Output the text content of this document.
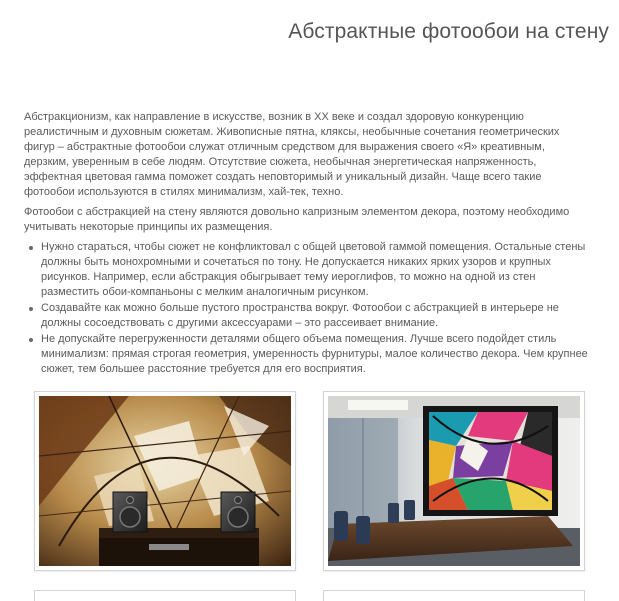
Абстрактные фотообои на стену

Абстракционизм, как направление в искусстве, возник в XX веке и создал здоровую конкуренцию реалистичным и духовным сюжетам. Живописные пятна, кляксы, необычные сочетания геометрических фигур – абстрактные фотообои служат отличным средством для выражения своего «Я» креативным, дерзким, уверенным в себе людям. Отсутствие сюжета, необычная энергетическая напряженность, эффектная цветовая гамма поможет создать неповторимый и уникальный дизайн. Чаще всего такие фотообои используются в стилях минимализм, хай-тек, техно.

Фотообои с абстракцией на стену являются довольно капризным элементом декора, поэтому необходимо учитывать некоторые принципы их размещения.

Нужно стараться, чтобы сюжет не конфликтовал с общей цветовой гаммой помещения. Остальные стены должны быть монохромными и сочетаться по тону. Не допускается никаких ярких узоров и крупных рисунков. Например, если абстракция обыгрывает тему иероглифов, то можно на одной из стен разместить обои-компаньоны с мелким аналогичным рисунком.
Создавайте как можно больше пустого пространства вокруг. Фотообои с абстракцией в интерьере не должны сосоедствовать с другими аксессуарами – это рассеивает внимание.
Не допускайте перегруженности деталями общего объема помещения. Лучше всего подойдет стиль минимализм: прямая строгая геометрия, умеренность фурнитуры, малое количество декора. Чем крупнее сюжет, тем большее расстояние требуется для его восприятия.
